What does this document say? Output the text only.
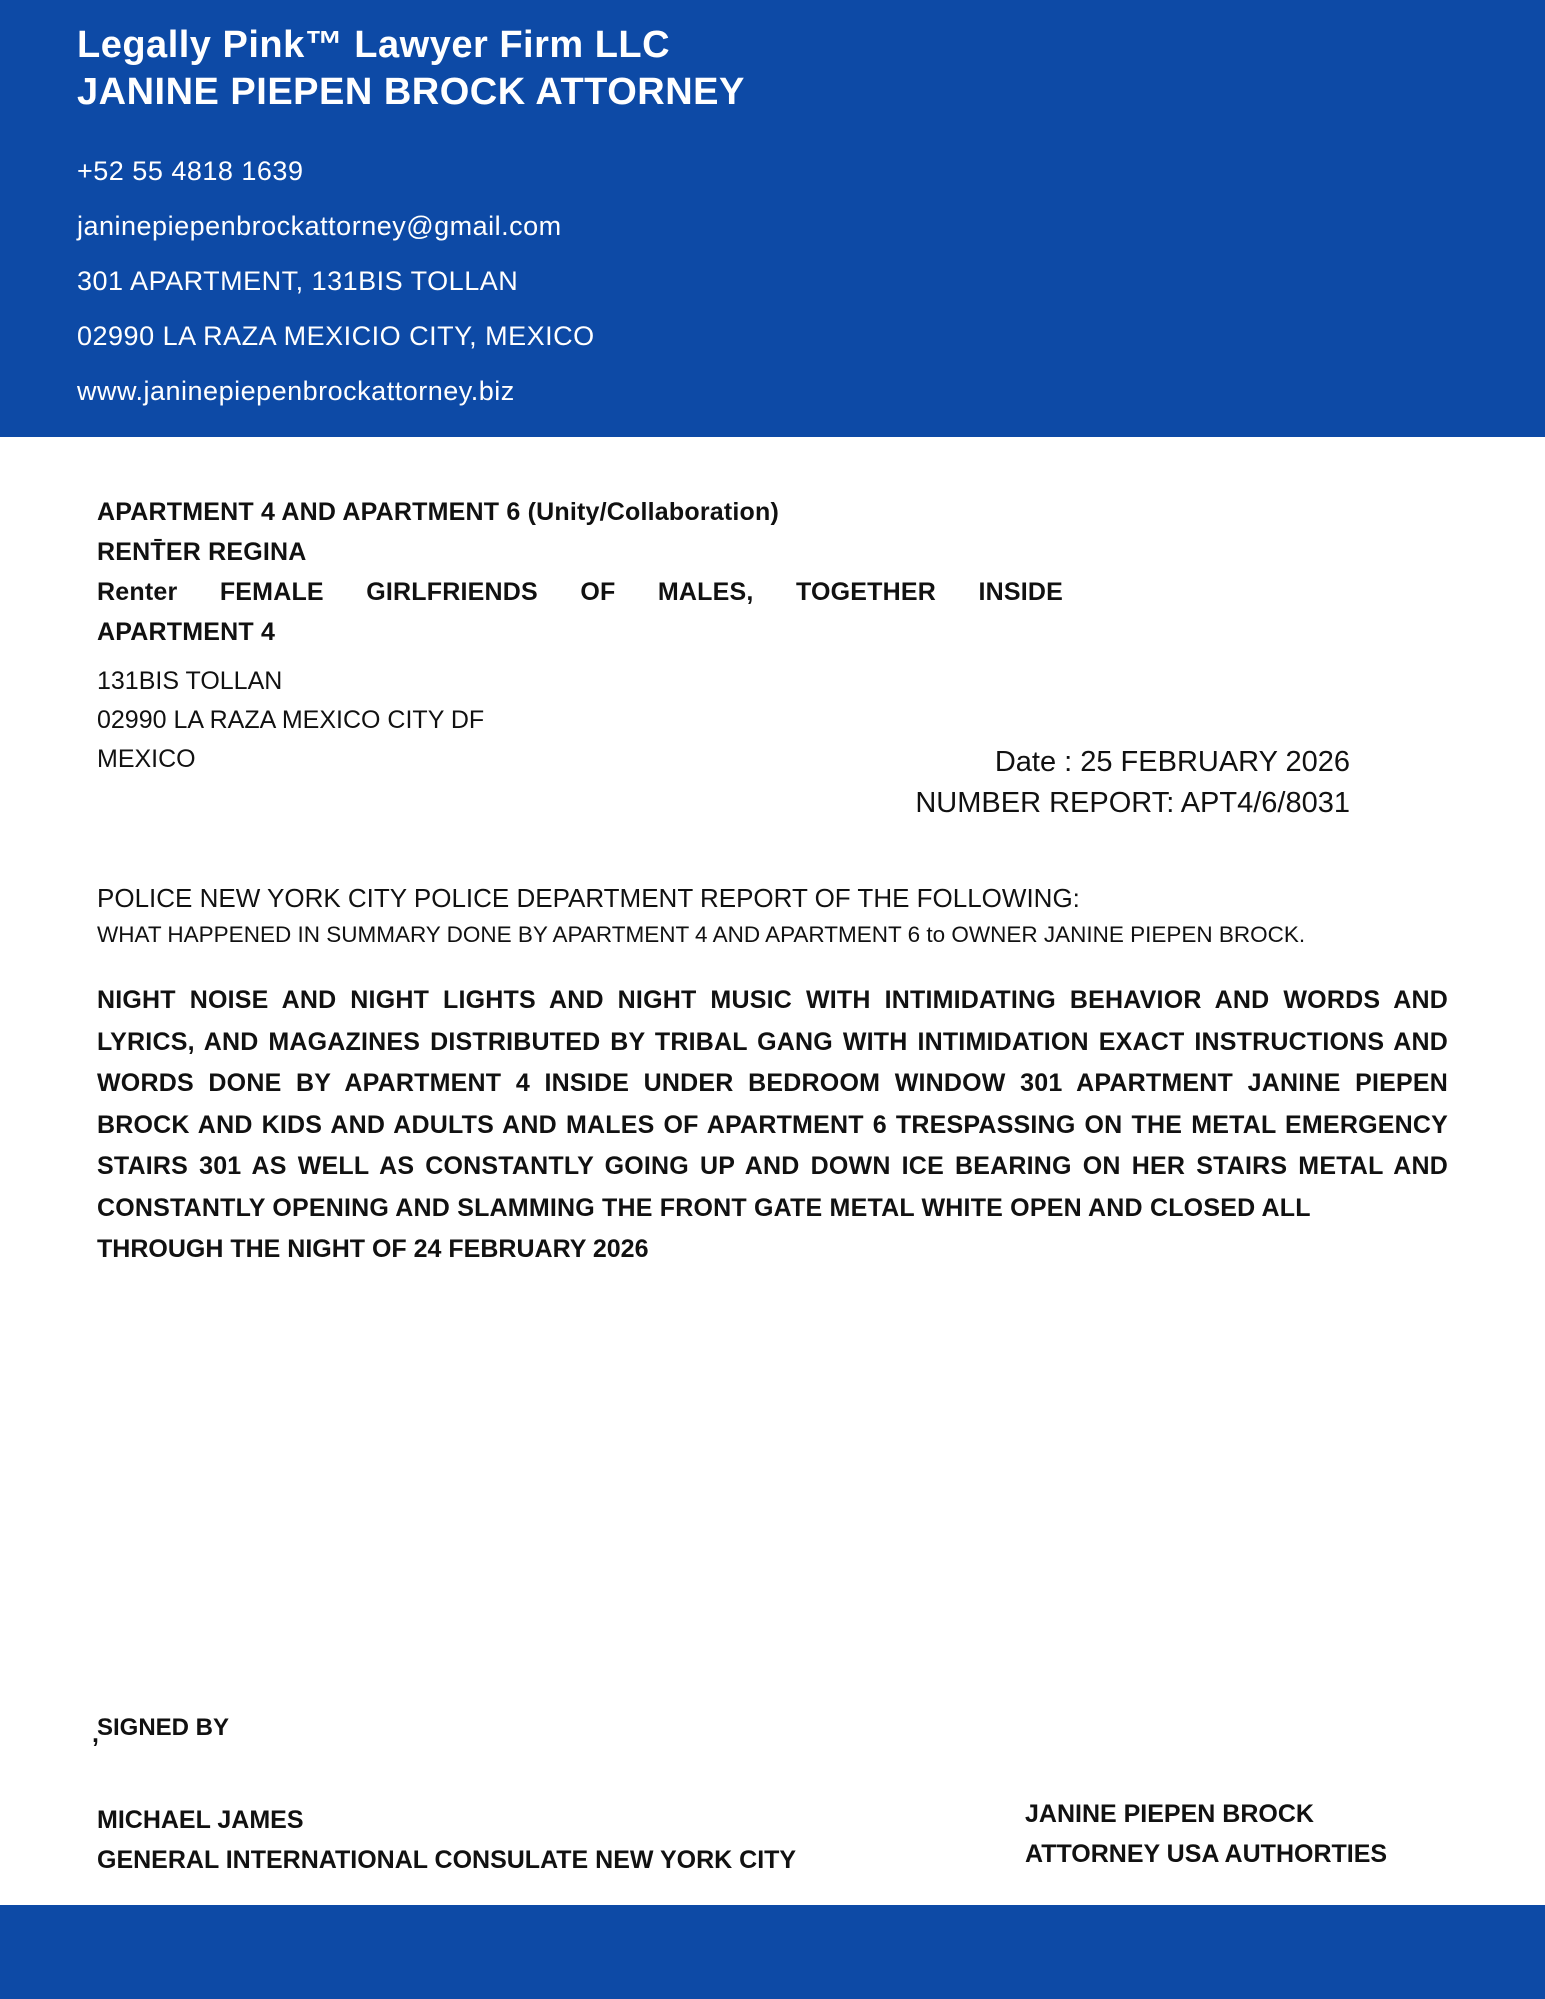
Legally Pink™ Lawyer Firm LLC
JANINE PIEPEN BROCK ATTORNEY

+52 55 4818 1639

janinepiepenbrockattorney@gmail.com

301 APARTMENT, 131BIS TOLLAN

02990 LA RAZA MEXICIO CITY, MEXICO

www.janinepiepenbrockattorney.biz

APARTMENT 4 AND APARTMENT 6 (Unity/Collaboration)

RENT̄ER REGINA

Renter FEMALE GIRLFRIENDS OF MALES, TOGETHER INSIDE

APARTMENT 4

131BIS TOLLAN

02990 LA RAZA MEXICO CITY DF

MEXICO	Date : 25 FEBRUARY 2026

NUMBER REPORT: APT4/6/8031

POLICE NEW YORK CITY POLICE DEPARTMENT REPORT OF THE FOLLOWING:

WHAT HAPPENED IN SUMMARY DONE BY APARTMENT 4 AND APARTMENT 6 to OWNER JANINE PIEPEN BROCK.

NIGHT NOISE AND NIGHT LIGHTS AND NIGHT MUSIC WITH INTIMIDATING BEHAVIOR AND WORDS AND LYRICS, AND MAGAZINES DISTRIBUTED BY TRIBAL GANG WITH INTIMIDATION EXACT INSTRUCTIONS AND WORDS DONE BY APARTMENT 4 INSIDE UNDER BEDROOM WINDOW 301 APARTMENT JANINE PIEPEN BROCK AND KIDS AND ADULTS AND MALES OF APARTMENT 6 TRESPASSING ON THE METAL EMERGENCY STAIRS 301 AS WELL AS CONSTANTLY GOING UP AND DOWN ICE BEARING ON HER STAIRS METAL AND CONSTANTLY OPENING AND SLAMMING THE FRONT GATE METAL WHITE OPEN AND CLOSED ALL

THROUGH THE NIGHT OF 24 FEBRUARY 2026

,

SIGNED BY

MICHAEL JAMES

GENERAL INTERNATIONAL CONSULATE NEW YORK CITY

JANINE PIEPEN BROCK

ATTORNEY USA AUTHORTIES
